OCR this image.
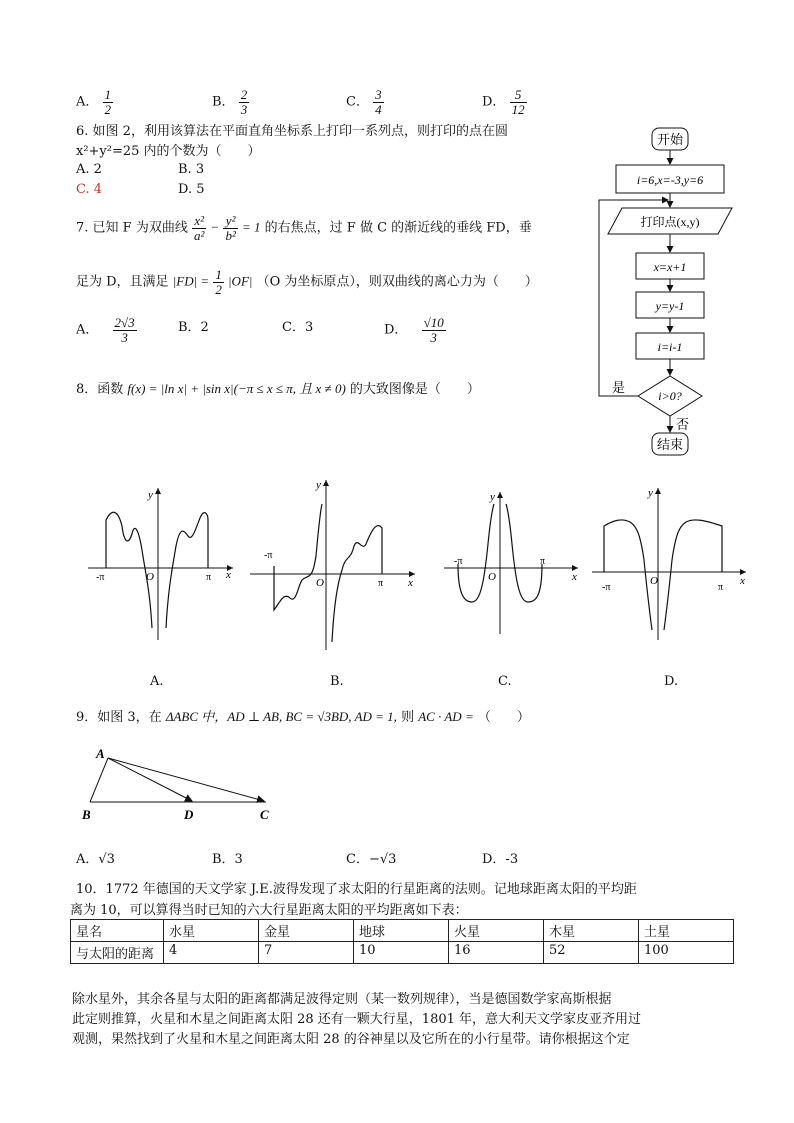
A． $\frac{1}{2}$	B． $\frac{2}{3}$	C． $\frac{3}{4}$	D． $\frac{5}{12}$
6. 如图 2，利用该算法在平面直角坐标系上打印一系列点，则打印的点在圆
x²+y²=25 内的个数为（　　）
A. 2	B. 3
C. 4	D. 5
开始
i=6,x=-3,y=6
打印点(x,y)
x=x+1
y=y-1
i=i-1
i>0?
是
否
结束
7. 已知 F 为双曲线 $\frac{\text{x²}}{\text{a²}} - \frac{\text{y²}}{\text{b²}} = 1$ 的右焦点，过 F 做 C 的渐近线的垂线 FD，垂
足为 D，且满足 $|FD| = \frac{1}{2} |OF|$ （O 为坐标原点），则双曲线的离心力为（　　）
A． $\frac{2√3}{3}$	B．2	C．3	D． $\frac{√10}{3}$
8．函数 f(x) = |ln x| + |sin x|(−π ≤ x ≤ π, 且 x ≠ 0) 的大致图像是（　　）
y
x
O
-π	π
y
x
O
-π
π
y
x
O
-π	π
y
x
O
-π	π
A.	B.	C.	D.
9．如图 3，在 ΔABC 中，AD ⊥ AB, BC = √3BD, AD = 1, 则 AC · AD = （　　）
A
B	D	C
A．√3	B．3	C．−√3	D．-3
10．1772 年德国的天文学家 J.E.波得发现了求太阳的行星距离的法则。记地球距离太阳的平均距
离为 10，可以算得当时已知的六大行星距离太阳的平均距离如下表：
星名	水星	金星	地球	火星	木星	土星
与太阳的距离	4	7	10	16	52	100
除水星外，其余各星与太阳的距离都满足波得定则（某一数列规律），当是德国数学家高斯根据
此定则推算，火星和木星之间距离太阳 28 还有一颗大行星，1801 年，意大利天文学家皮亚齐用过
观测，果然找到了火星和木星之间距离太阳 28 的谷神星以及它所在的小行星带。请你根据这个定
